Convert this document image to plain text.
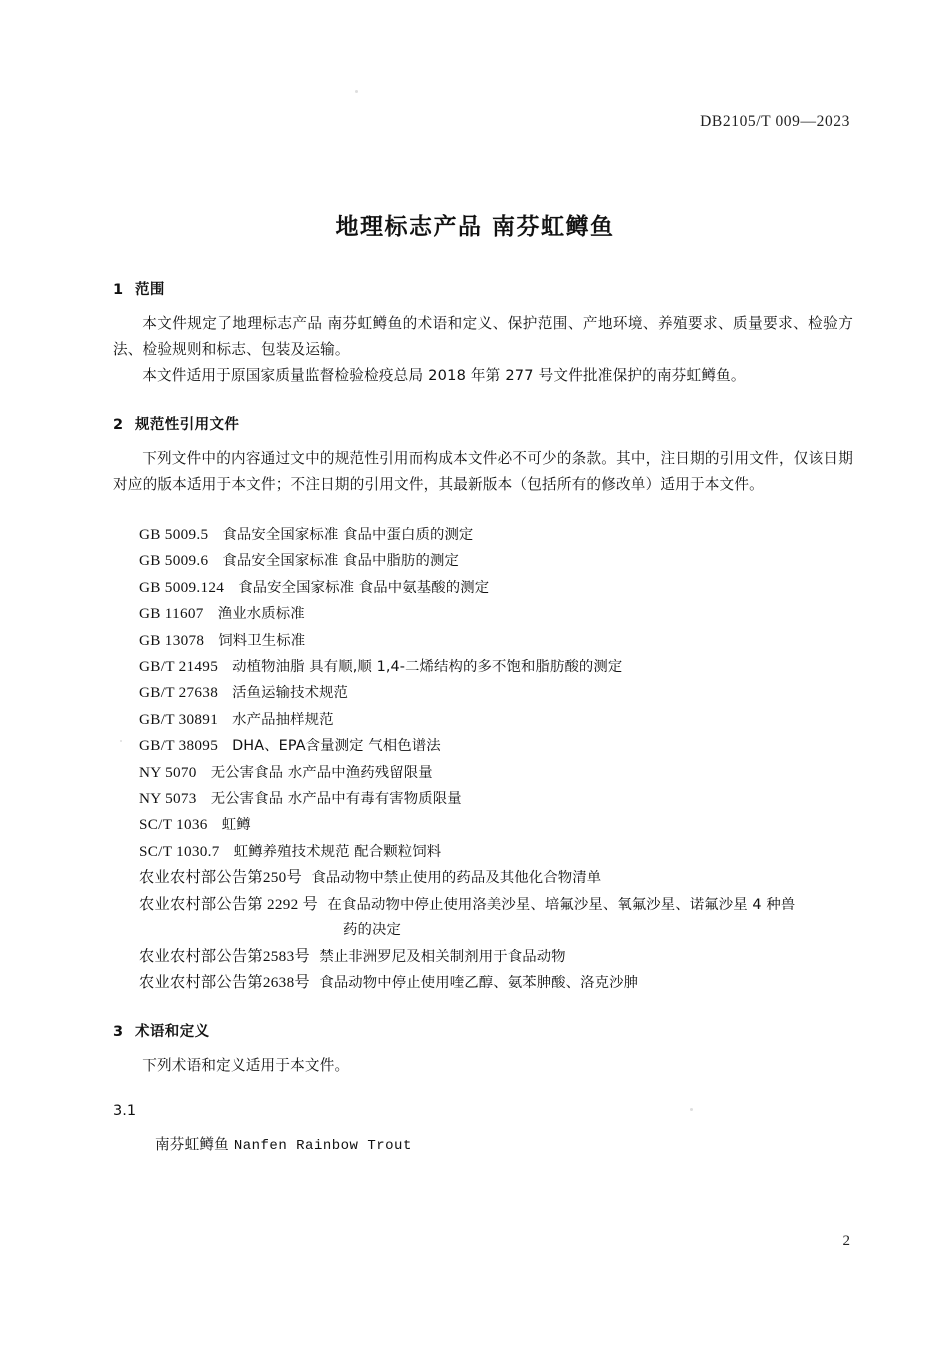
DB2105/T 009—2023
地理标志产品 南芬虹鳟鱼
1 范围

本文件规定了地理标志产品 南芬虹鳟鱼的术语和定义、保护范围、产地环境、养殖要求、质量要求、检验方法、检验规则和标志、包装及运输。

本文件适用于原国家质量监督检验检疫总局 2018 年第 277 号文件批准保护的南芬虹鳟鱼。

2 规范性引用文件

下列文件中的内容通过文中的规范性引用而构成本文件必不可少的条款。其中，注日期的引用文件，仅该日期对应的版本适用于本文件；不注日期的引用文件，其最新版本（包括所有的修改单）适用于本文件。

GB 5009.5 食品安全国家标准 食品中蛋白质的测定
GB 5009.6 食品安全国家标准 食品中脂肪的测定
GB 5009.124 食品安全国家标准 食品中氨基酸的测定
GB 11607 渔业水质标准
GB 13078 饲料卫生标准
GB/T 21495 动植物油脂 具有顺,顺 1,4-二烯结构的多不饱和脂肪酸的测定
GB/T 27638 活鱼运输技术规范
GB/T 30891 水产品抽样规范
GB/T 38095 DHA、EPA含量测定 气相色谱法
NY 5070 无公害食品 水产品中渔药残留限量
NY 5073 无公害食品 水产品中有毒有害物质限量
SC/T 1036 虹鳟
SC/T 1030.7 虹鳟养殖技术规范 配合颗粒饲料
农业农村部公告第250号 食品动物中禁止使用的药品及其他化合物清单
农业农村部公告第 2292 号 在食品动物中停止使用洛美沙星、培氟沙星、氧氟沙星、诺氟沙星 4 种兽
药的决定
农业农村部公告第2583号 禁止非洲罗尼及相关制剂用于食品动物
农业农村部公告第2638号 食品动物中停止使用喹乙醇、氨苯胂酸、洛克沙胂
3 术语和定义

下列术语和定义适用于本文件。

3.1

南芬虹鳟鱼 Nanfen Rainbow Trout
2
